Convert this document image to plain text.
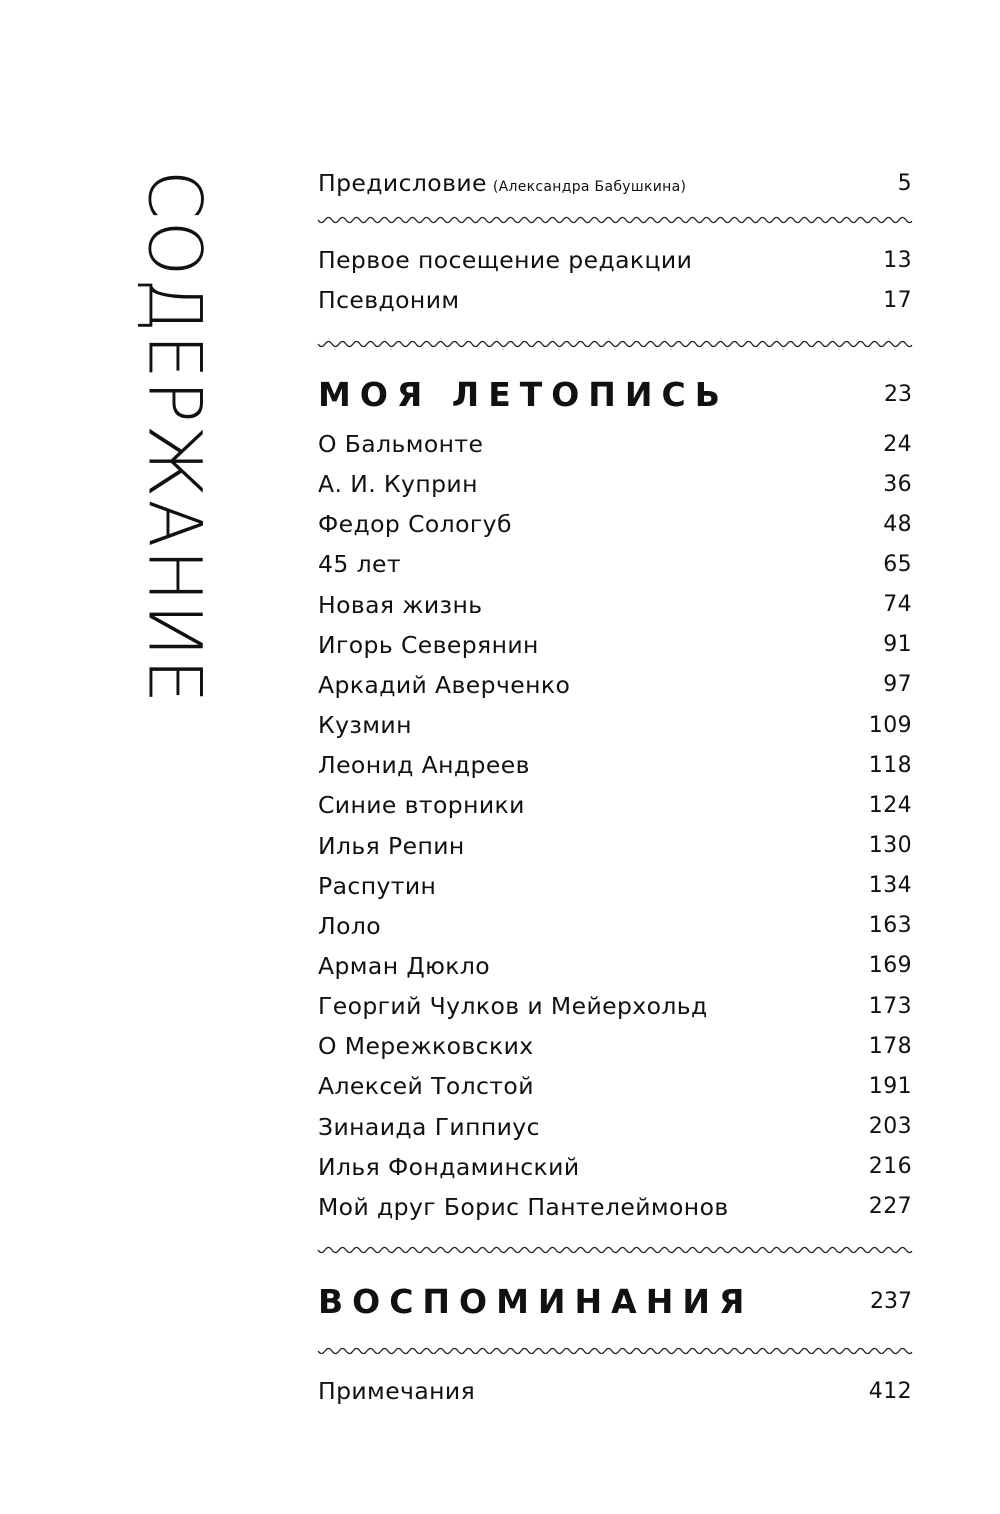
СОДЕРЖАНИЕ	Предисловие (Александра Бабушкина)	5
Первое посещение редакции	13
Псевдоним	17
МОЯ ЛЕТОПИСЬ	23
О Бальмонте	24
А. И. Куприн	36
Федор Сологуб	48
45 лет	65
Новая жизнь	74
Игорь Северянин	91
Аркадий Аверченко	97
Кузмин	109
Леонид Андреев	118
Синие вторники	124
Илья Репин	130
Распутин	134
Лоло	163
Арман Дюкло	169
Георгий Чулков и Мейерхольд	173
О Мережковских	178
Алексей Толстой	191
Зинаида Гиппиус	203
Илья Фондаминский	216
Мой друг Борис Пантелеймонов	227
ВОСПОМИНАНИЯ	237
Примечания	412
